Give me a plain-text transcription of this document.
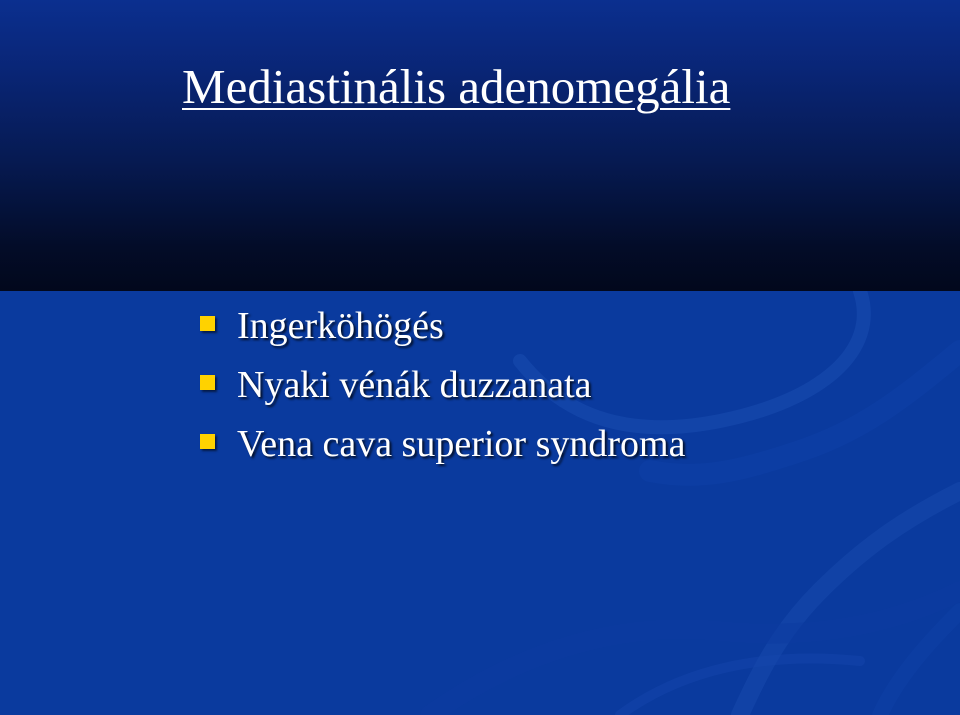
Mediastinális adenomegália
Ingerköhögés
Nyaki vénák duzzanata
Vena cava superior syndroma
